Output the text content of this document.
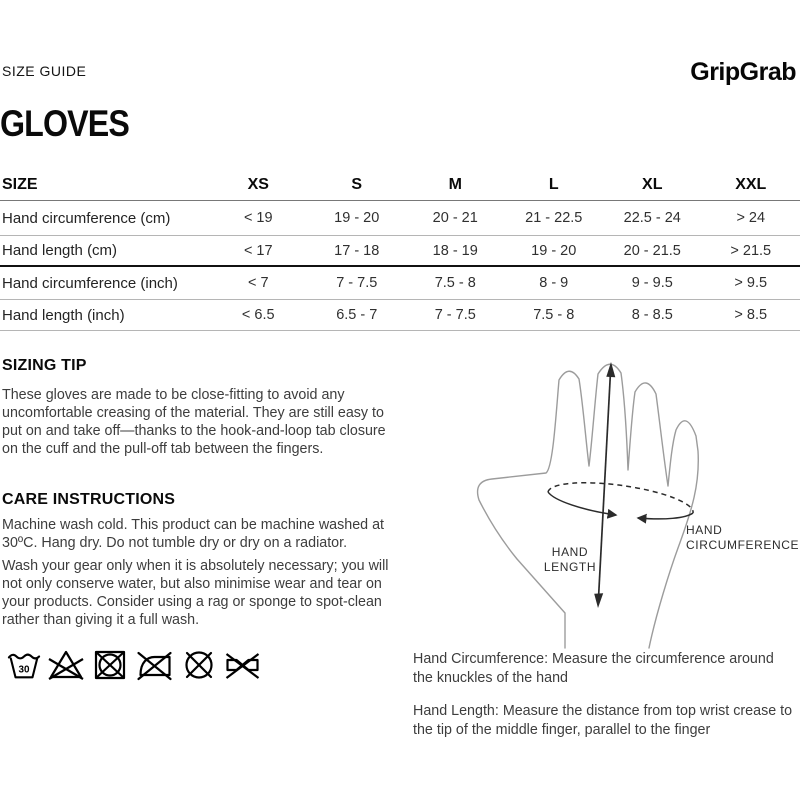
SIZE GUIDE	GripGrab
GLOVES
SIZE	XS	S	M	L	XL	XXL
Hand circumference (cm)	< 19	19 - 20	20 - 21	21 - 22.5	22.5 - 24	> 24
Hand length (cm)	< 17	17 - 18	18 - 19	19 - 20	20 - 21.5	> 21.5
Hand circumference (inch)	< 7	7 - 7.5	7.5 - 8	8 - 9	9 - 9.5	> 9.5
Hand length (inch)	< 6.5	6.5 - 7	7 - 7.5	7.5 - 8	8 - 8.5	> 8.5
SIZING TIP
These gloves are made to be close-fitting to avoid any uncomfortable creasing of the material. They are still easy to put on and take off—thanks to the hook-and-loop tab closure on the cuff and the pull-off tab between the fingers.
CARE INSTRUCTIONS
Machine wash cold. This product can be machine washed at 30ºC. Hang dry. Do not tumble dry or dry on a radiator.
Wash your gear only when it is absolutely necessary; you will not only conserve water, but also minimise wear and tear on your products. Consider using a rag or sponge to spot-clean rather than giving it a full wash.
30
HAND
LENGTH
HAND
CIRCUMFERENCE
Hand Circumference: Measure the circumference around the knuckles of the hand
Hand Length: Measure the distance from top wrist crease to the tip of the middle finger, parallel to the finger
